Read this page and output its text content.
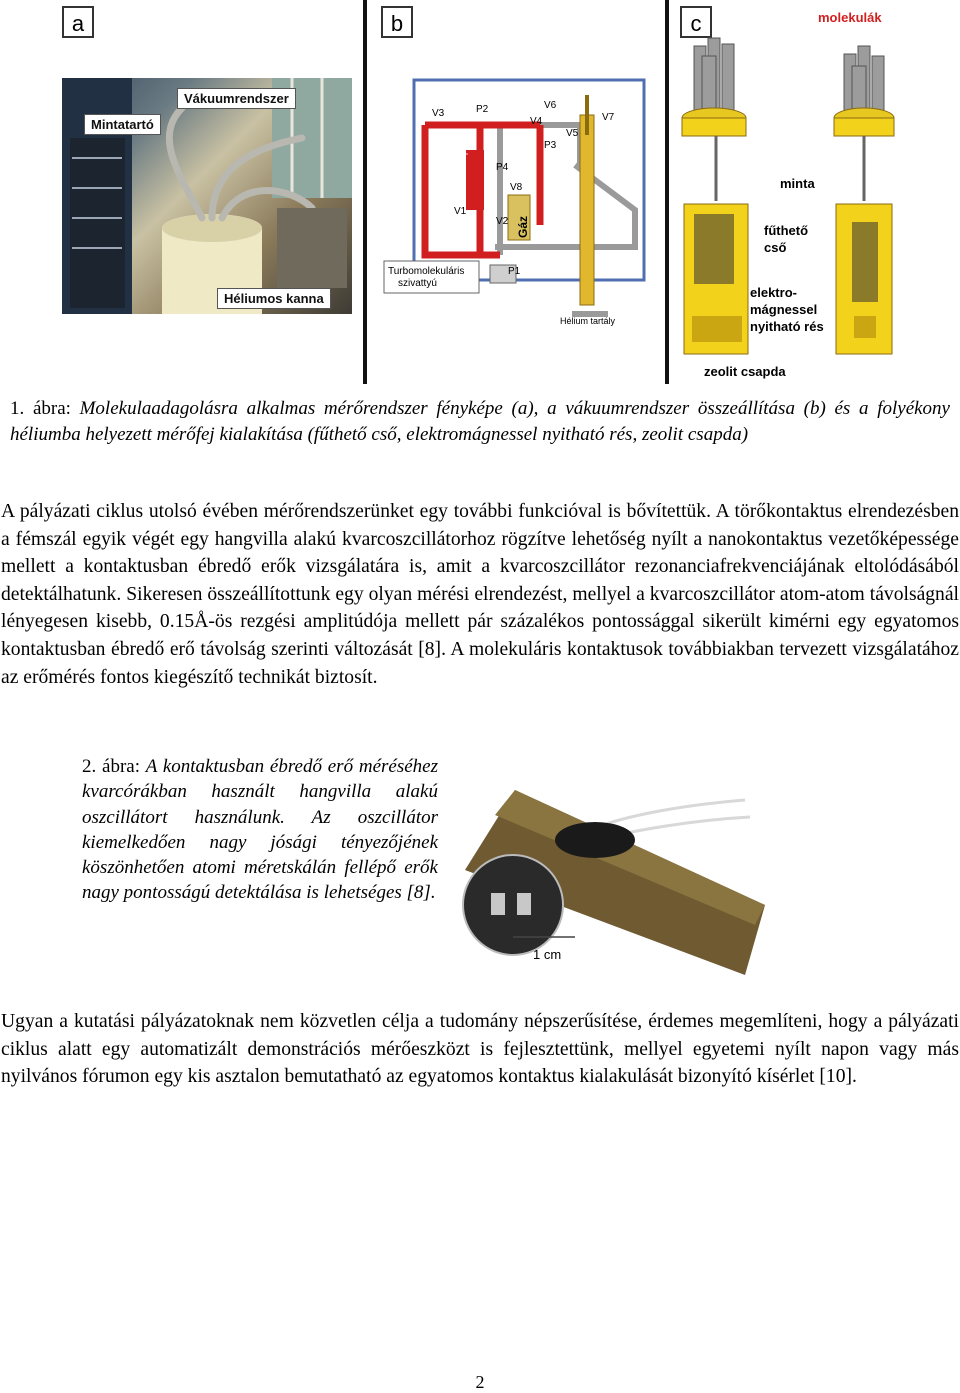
a
Vákuumrendszer
Mintatartó
Héliumos kanna
b
V3	P2	V6
V4	V7
V5
P3
P4
V8
V1
V2
P1
EM szelep
Gáz
Turbomolekuláris
szivattyú
Hélium tartály
c	molekulák
minta
fűthető
cső
elektro-
mágnessel
nyitható rés
zeolit csapda
1. ábra: Molekulaadagolásra alkalmas mérőrendszer fényképe (a), a vákuumrendszer összeállítása (b) és a folyékony héliumba helyezett mérőfej kialakítása (fűthető cső, elektromágnessel nyitható rés, zeolit csapda)
A pályázati ciklus utolsó évében mérőrendszerünket egy további funkcióval is bővítettük. A törőkontaktus elrendezésben a fémszál egyik végét egy hangvilla alakú kvarcoszcillátorhoz rögzítve lehetőség nyílt a nanokontaktus vezetőképessége mellett a kontaktusban ébredő erők vizsgálatára is, amit a kvarcoszcillátor rezonanciafrekvenciájának eltolódásából detektálhatunk. Sikeresen összeállítottunk egy olyan mérési elrendezést, mellyel a kvarcoszcillátor atom-atom távolságnál lényegesen kisebb, 0.15Å-ös rezgési amplitúdója mellett pár százalékos pontossággal sikerült kimérni egy egyatomos kontaktusban ébredő erő távolság szerinti változását [8]. A molekuláris kontaktusok továbbiakban tervezett vizsgálatához az erőmérés fontos kiegészítő technikát biztosít.
2. ábra: A kontaktusban ébredő erő méréséhez kvarcórákban használt hangvilla alakú oszcillátort használunk. Az oszcillátor kiemelkedően nagy jósági tényezőjének köszönhetően atomi méretskálán fellépő erők nagy pontosságú detektálása is lehetséges [8].
1 cm
Ugyan a kutatási pályázatoknak nem közvetlen célja a tudomány népszerűsítése, érdemes megemlíteni, hogy a pályázati ciklus alatt egy automatizált demonstrációs mérőeszközt is fejlesztettünk, mellyel egyetemi nyílt napon vagy más nyilvános fórumon egy kis asztalon bemutatható az egyatomos kontaktus kialakulását bizonyító kísérlet [10].
2
